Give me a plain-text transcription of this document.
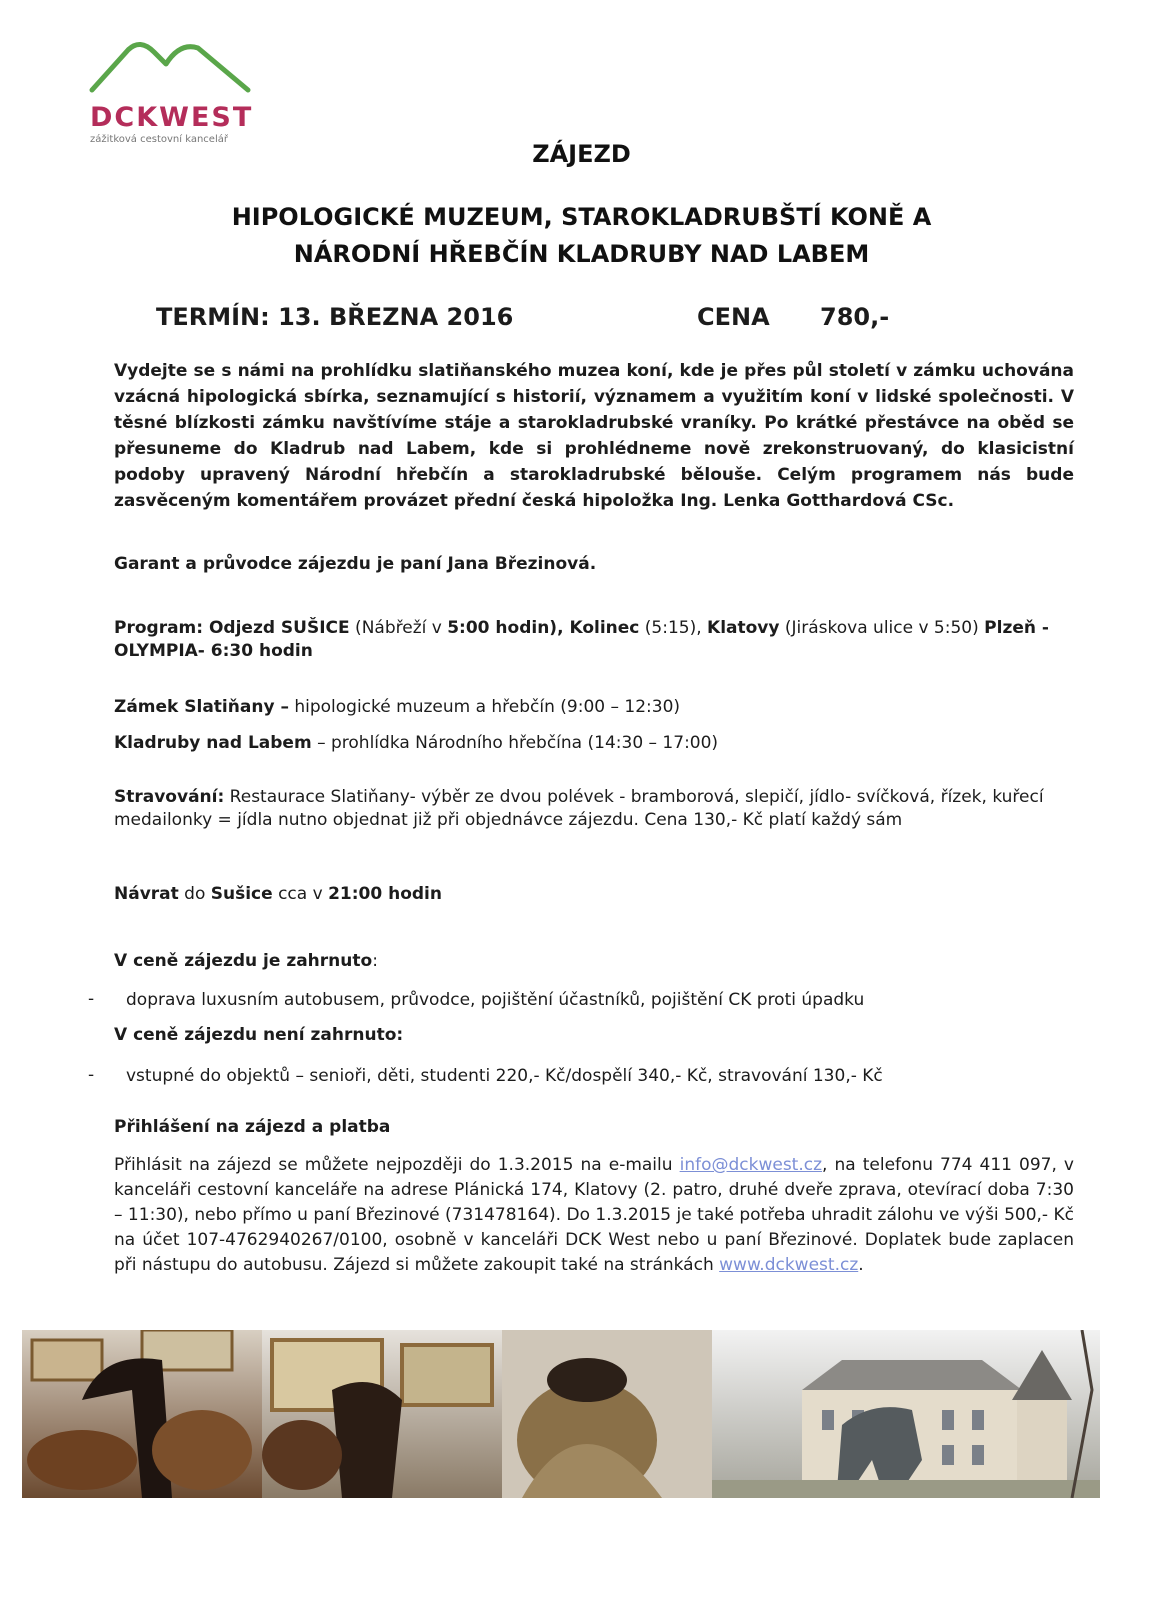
DCKWEST
zážitková cestovní kancelář
ZÁJEZD
HIPOLOGICKÉ MUZEUM, STAROKLADRUBŠTÍ KONĚ A
NÁRODNÍ HŘEBČÍN KLADRUBY NAD LABEM
TERMÍN: 13. BŘEZNA 2016	CENA 780,-
Vydejte se s námi na prohlídku slatiňanského muzea koní, kde je přes půl století v zámku uchována vzácná hipologická sbírka, seznamující s historií, významem a využitím koní v lidské společnosti. V těsné blízkosti zámku navštívíme stáje a starokladrubské vraníky. Po krátké přestávce na oběd se přesuneme do Kladrub nad Labem, kde si prohlédneme nově zrekonstruovaný, do klasicistní podoby upravený Národní hřebčín a starokladrubské bělouše. Celým programem nás bude zasvěceným komentářem provázet přední česká hipoložka Ing. Lenka Gotthardová CSc.
Garant a průvodce zájezdu je paní Jana Březinová.
Program: Odjezd SUŠICE (Nábřeží v 5:00 hodin), Kolinec (5:15), Klatovy (Jiráskova ulice v 5:50) Plzeň -OLYMPIA- 6:30 hodin
Zámek Slatiňany – hipologické muzeum a hřebčín (9:00 – 12:30)
Kladruby nad Labem – prohlídka Národního hřebčína (14:30 – 17:00)
Stravování: Restaurace Slatiňany- výběr ze dvou polévek - bramborová, slepičí, jídlo- svíčková, řízek, kuřecí medailonky = jídla nutno objednat již při objednávce zájezdu. Cena 130,- Kč platí každý sám
Návrat do Sušice cca v 21:00 hodin
V ceně zájezdu je zahrnuto:
- doprava luxusním autobusem, průvodce, pojištění účastníků, pojištění CK proti úpadku
V ceně zájezdu není zahrnuto:
- vstupné do objektů – senioři, děti, studenti 220,- Kč/dospělí 340,- Kč, stravování 130,- Kč
Přihlášení na zájezd a platba
Přihlásit na zájezd se můžete nejpozději do 1.3.2015 na e-mailu info@dckwest.cz, na telefonu 774 411 097, v kanceláři cestovní kanceláře na adrese Plánická 174, Klatovy (2. patro, druhé dveře zprava, otevírací doba 7:30 – 11:30), nebo přímo u paní Březinové (731478164). Do 1.3.2015 je také potřeba uhradit zálohu ve výši 500,- Kč na účet 107-4762940267/0100, osobně v kanceláři DCK West nebo u paní Březinové. Doplatek bude zaplacen při nástupu do autobusu. Zájezd si můžete zakoupit také na stránkách www.dckwest.cz.
